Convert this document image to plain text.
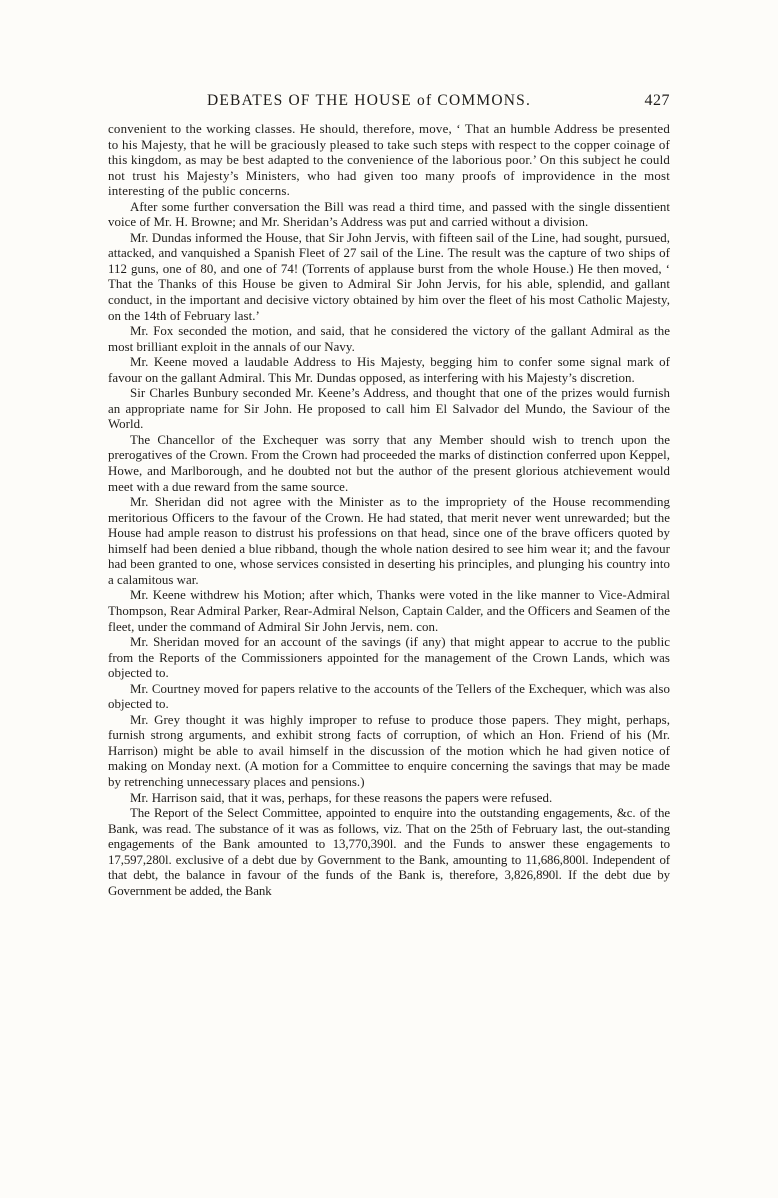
DEBATES OF THE HOUSE of COMMONS.	427

convenient to the working classes. He should, therefore, move, ‘ That an humble Address be presented to his Majesty, that he will be graciously pleased to take such steps with respect to the copper coinage of this kingdom, as may be best adapted to the convenience of the laborious poor.’ On this subject he could not trust his Majesty’s Ministers, who had given too many proofs of improvidence in the most interesting of the public concerns.

After some further conversation the Bill was read a third time, and passed with the single dissentient voice of Mr. H. Browne; and Mr. Sheridan’s Address was put and carried without a division.

Mr. Dundas informed the House, that Sir John Jervis, with fifteen sail of the Line, had sought, pursued, attacked, and vanquished a Spanish Fleet of 27 sail of the Line. The result was the capture of two ships of 112 guns, one of 80, and one of 74! (Torrents of applause burst from the whole House.) He then moved, ‘ That the Thanks of this House be given to Admiral Sir John Jervis, for his able, splendid, and gallant conduct, in the important and decisive victory obtained by him over the fleet of his most Catholic Majesty, on the 14th of February last.’

Mr. Fox seconded the motion, and said, that he considered the victory of the gallant Admiral as the most brilliant exploit in the annals of our Navy.

Mr. Keene moved a laudable Address to His Majesty, begging him to confer some signal mark of favour on the gallant Admiral. This Mr. Dundas opposed, as interfering with his Majesty’s discretion.

Sir Charles Bunbury seconded Mr. Keene’s Address, and thought that one of the prizes would furnish an appropriate name for Sir John. He proposed to call him El Salvador del Mundo, the Saviour of the World.

The Chancellor of the Exchequer was sorry that any Member should wish to trench upon the prerogatives of the Crown. From the Crown had proceeded the marks of distinction conferred upon Keppel, Howe, and Marlborough, and he doubted not but the author of the present glorious atchievement would meet with a due reward from the same source.

Mr. Sheridan did not agree with the Minister as to the impropriety of the House recommending meritorious Officers to the favour of the Crown. He had stated, that merit never went unrewarded; but the House had ample reason to distrust his professions on that head, since one of the brave officers quoted by himself had been denied a blue ribband, though the whole nation desired to see him wear it; and the favour had been granted to one, whose services consisted in deserting his principles, and plunging his country into a calamitous war.

Mr. Keene withdrew his Motion; after which, Thanks were voted in the like manner to Vice-Admiral Thompson, Rear Admiral Parker, Rear-Admiral Nelson, Captain Calder, and the Officers and Seamen of the fleet, under the command of Admiral Sir John Jervis, nem. con.

Mr. Sheridan moved for an account of the savings (if any) that might appear to accrue to the public from the Reports of the Commissioners appointed for the management of the Crown Lands, which was objected to.

Mr. Courtney moved for papers relative to the accounts of the Tellers of the Exchequer, which was also objected to.

Mr. Grey thought it was highly improper to refuse to produce those papers. They might, perhaps, furnish strong arguments, and exhibit strong facts of corruption, of which an Hon. Friend of his (Mr. Harrison) might be able to avail himself in the discussion of the motion which he had given notice of making on Monday next. (A motion for a Committee to enquire concerning the savings that may be made by retrenching unnecessary places and pensions.)

Mr. Harrison said, that it was, perhaps, for these reasons the papers were refused.

The Report of the Select Committee, appointed to enquire into the outstanding engagements, &c. of the Bank, was read. The substance of it was as follows, viz. That on the 25th of February last, the out-standing engagements of the Bank amounted to 13,770,390l. and the Funds to answer these engagements to 17,597,280l. exclusive of a debt due by Government to the Bank, amounting to 11,686,800l. Independent of that debt, the balance in favour of the funds of the Bank is, therefore, 3,826,890l. If the debt due by Government be added, the Bank
